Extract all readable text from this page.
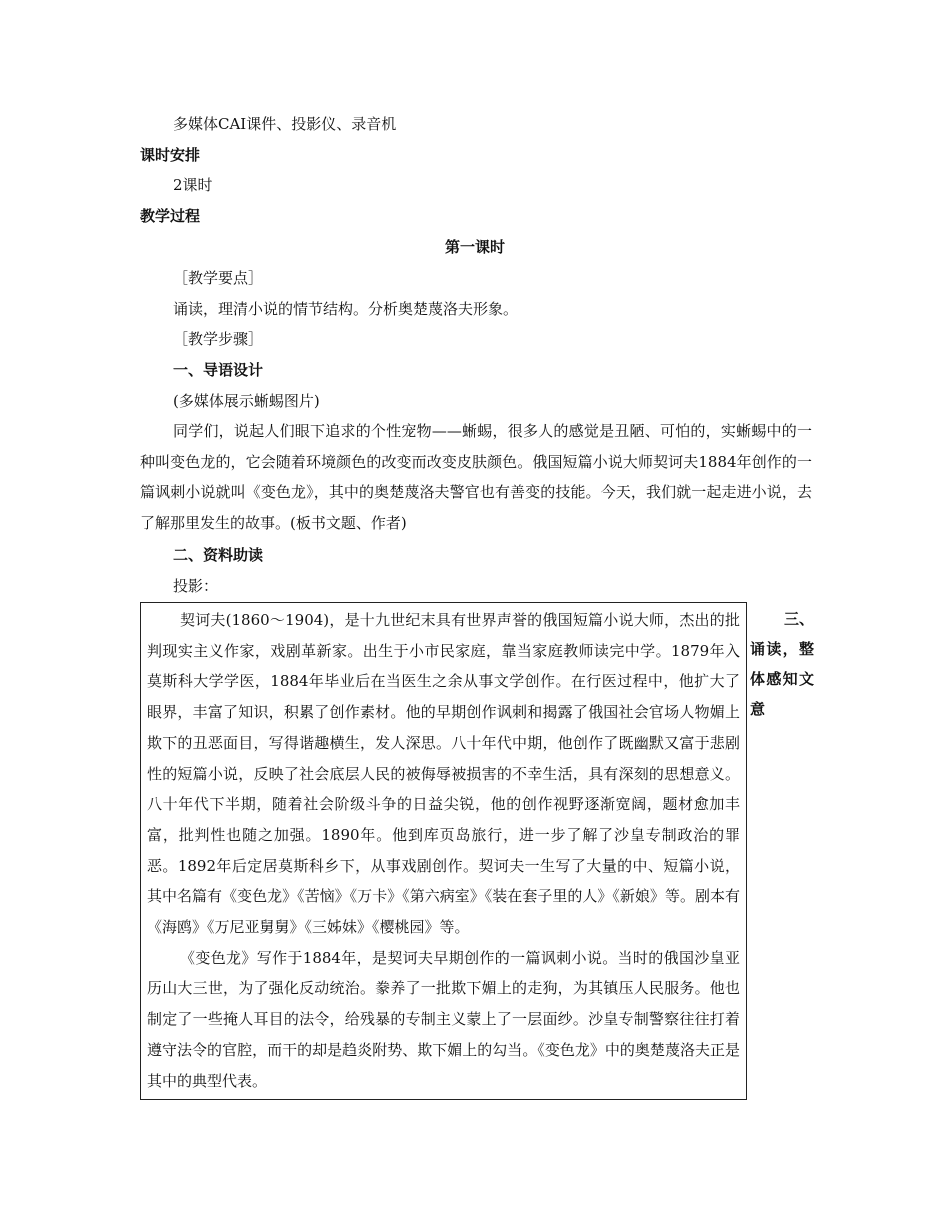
多媒体CAI课件、投影仪、录音机
课时安排
2课时
教学过程
第一课时
［教学要点］
诵读，理清小说的情节结构。分析奥楚蔑洛夫形象。
［教学步骤］
一、导语设计
(多媒体展示蜥蜴图片)

同学们，说起人们眼下追求的个性宠物——蜥蜴，很多人的感觉是丑陋、可怕的，实蜥蜴中的一种叫变色龙的，它会随着环境颜色的改变而改变皮肤颜色。俄国短篇小说大师契诃夫1884年创作的一篇讽刺小说就叫《变色龙》，其中的奥楚蔑洛夫警官也有善变的技能。今天，我们就一起走进小说，去了解那里发生的故事。(板书文题、作者)

二、资料助读
投影：

契诃夫(1860～1904)，是十九世纪末具有世界声誉的俄国短篇小说大师，杰出的批判现实主义作家，戏剧革新家。出生于小市民家庭，靠当家庭教师读完中学。1879年入莫斯科大学学医，1884年毕业后在当医生之余从事文学创作。在行医过程中，他扩大了眼界，丰富了知识，积累了创作素材。他的早期创作讽刺和揭露了俄国社会官场人物媚上欺下的丑恶面目，写得谐趣横生，发人深思。八十年代中期，他创作了既幽默又富于悲剧性的短篇小说，反映了社会底层人民的被侮辱被损害的不幸生活，具有深刻的思想意义。八十年代下半期，随着社会阶级斗争的日益尖锐，他的创作视野逐渐宽阔，题材愈加丰富，批判性也随之加强。1890年。他到库页岛旅行，进一步了解了沙皇专制政治的罪恶。1892年后定居莫斯科乡下，从事戏剧创作。契诃夫一生写了大量的中、短篇小说，其中名篇有《变色龙》《苦恼》《万卡》《第六病室》《装在套子里的人》《新娘》等。剧本有《海鸥》《万尼亚舅舅》《三姊妹》《樱桃园》等。

《变色龙》写作于1884年，是契诃夫早期创作的一篇讽刺小说。当时的俄国沙皇亚历山大三世，为了强化反动统治。豢养了一批欺下媚上的走狗，为其镇压人民服务。他也制定了一些掩人耳目的法令，给残暴的专制主义蒙上了一层面纱。沙皇专制警察往往打着遵守法令的官腔，而干的却是趋炎附势、欺下媚上的勾当。《变色龙》中的奥楚蔑洛夫正是其中的典型代表。

三、
诵读，整体感知文意
